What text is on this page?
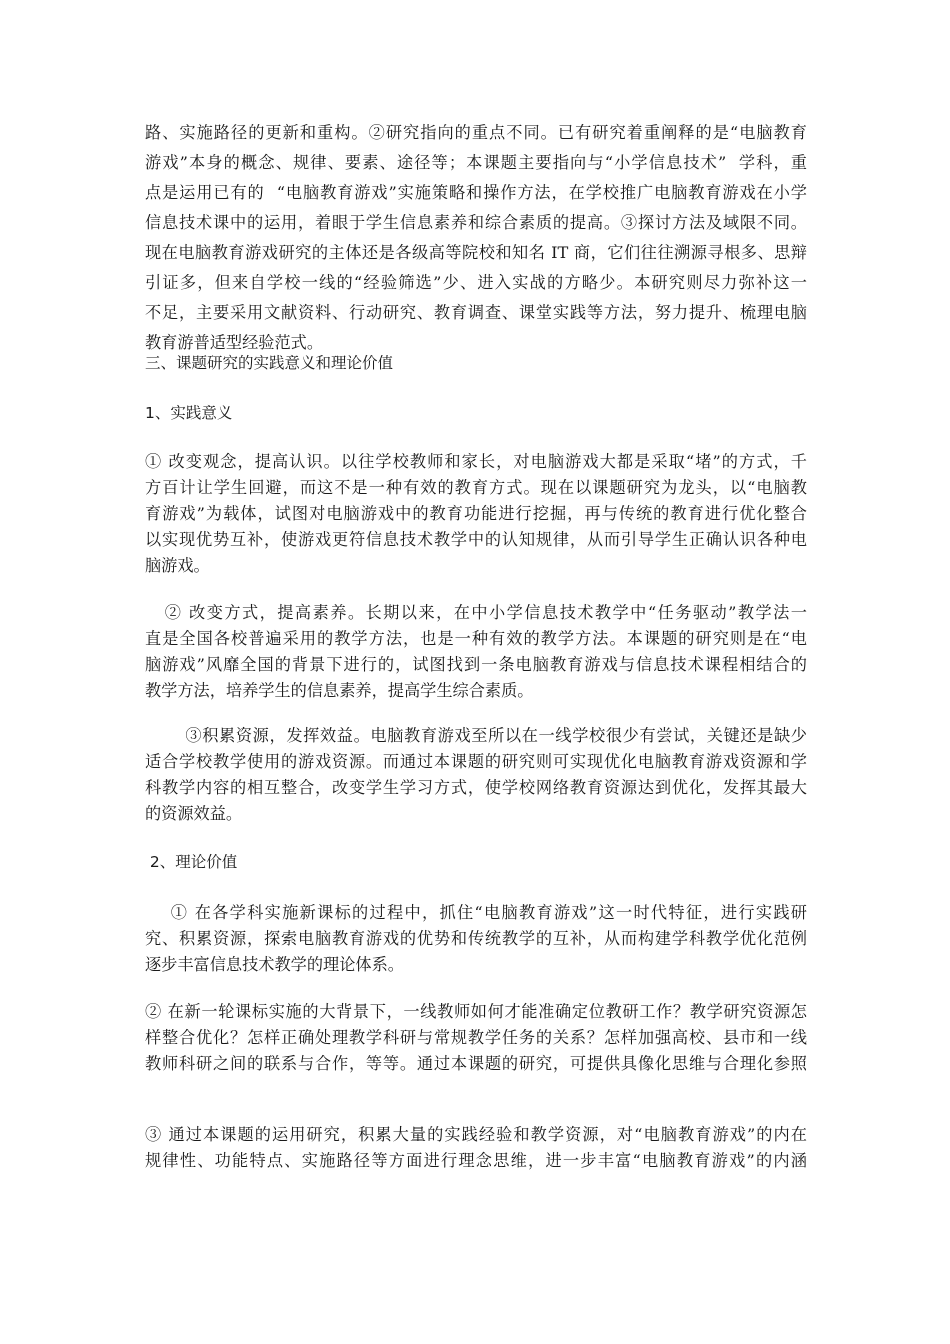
路、实施路径的更新和重构。②研究指向的重点不同。已有研究着重阐释的是“电脑教育

游戏”本身的概念、规律、要素、途径等；本课题主要指向与“小学信息技术”  学科，重

点是运用已有的  “电脑教育游戏”实施策略和操作方法，在学校推广电脑教育游戏在小学

信息技术课中的运用，着眼于学生信息素养和综合素质的提高。③探讨方法及域限不同。

现在电脑教育游戏研究的主体还是各级高等院校和知名 IT 商，它们往往溯源寻根多、思辩

引证多，但来自学校一线的“经验筛选”少、进入实战的方略少。本研究则尽力弥补这一

不足，主要采用文献资料、行动研究、教育调查、课堂实践等方法，努力提升、梳理电脑

教育游普适型经验范式。

三、课题研究的实践意义和理论价值

1、实践意义

① 改变观念，提高认识。以往学校教师和家长，对电脑游戏大都是采取“堵”的方式，千

方百计让学生回避，而这不是一种有效的教育方式。现在以课题研究为龙头，以“电脑教

育游戏”为载体，试图对电脑游戏中的教育功能进行挖掘，再与传统的教育进行优化整合

以实现优势互补，使游戏更符信息技术教学中的认知规律，从而引导学生正确认识各种电

脑游戏。

② 改变方式，提高素养。长期以来，在中小学信息技术教学中“任务驱动”教学法一

直是全国各校普遍采用的教学方法，也是一种有效的教学方法。本课题的研究则是在“电

脑游戏”风靡全国的背景下进行的，试图找到一条电脑教育游戏与信息技术课程相结合的

教学方法，培养学生的信息素养，提高学生综合素质。

③积累资源，发挥效益。电脑教育游戏至所以在一线学校很少有尝试，关键还是缺少

适合学校教学使用的游戏资源。而通过本课题的研究则可实现优化电脑教育游戏资源和学

科教学内容的相互整合，改变学生学习方式，使学校网络教育资源达到优化，发挥其最大

的资源效益。

2、理论价值

① 在各学科实施新课标的过程中，抓住“电脑教育游戏”这一时代特征，进行实践研

究、积累资源，探索电脑教育游戏的优势和传统教学的互补，从而构建学科教学优化范例

逐步丰富信息技术教学的理论体系。

② 在新一轮课标实施的大背景下，一线教师如何才能准确定位教研工作？教学研究资源怎

样整合优化？怎样正确处理教学科研与常规教学任务的关系？怎样加强高校、县市和一线

教师科研之间的联系与合作，等等。通过本课题的研究，可提供具像化思维与合理化参照

③ 通过本课题的运用研究，积累大量的实践经验和教学资源，对“电脑教育游戏”的内在

规律性、功能特点、实施路径等方面进行理念思维，进一步丰富“电脑教育游戏”的内涵
